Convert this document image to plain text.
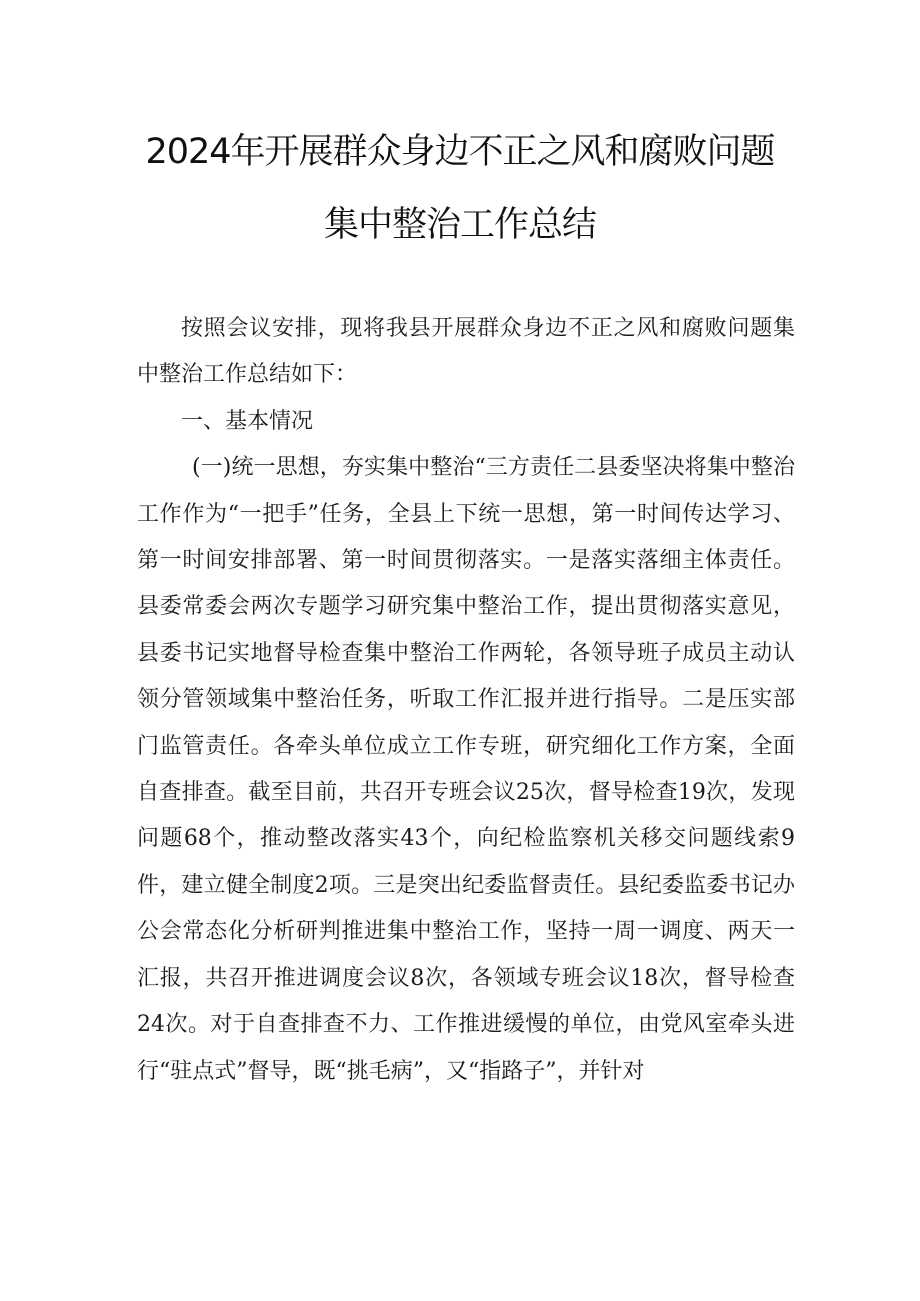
2024年开展群众身边不正之风和腐败问题
集中整治工作总结

按照会议安排，现将我县开展群众身边不正之风和腐败问题集中整治工作总结如下：

一、基本情况

(一)统一思想，夯实集中整治“三方责任二县委坚决将集中整治工作作为“一把手”任务，全县上下统一思想，第一时间传达学习、第一时间安排部署、第一时间贯彻落实。一是落实落细主体责任。县委常委会两次专题学习研究集中整治工作，提出贯彻落实意见，县委书记实地督导检查集中整治工作两轮，各领导班子成员主动认领分管领域集中整治任务，听取工作汇报并进行指导。二是压实部门监管责任。各牵头单位成立工作专班，研究细化工作方案，全面自查排查。截至目前，共召开专班会议25次，督导检查19次，发现问题68个，推动整改落实43个，向纪检监察机关移交问题线索9件，建立健全制度2项。三是突出纪委监督责任。县纪委监委书记办公会常态化分析研判推进集中整治工作，坚持一周一调度、两天一汇报，共召开推进调度会议8次，各领域专班会议18次，督导检查24次。对于自查排查不力、工作推进缓慢的单位，由党风室牵头进行“驻点式”督导，既“挑毛病”，又“指路子”，并针对
